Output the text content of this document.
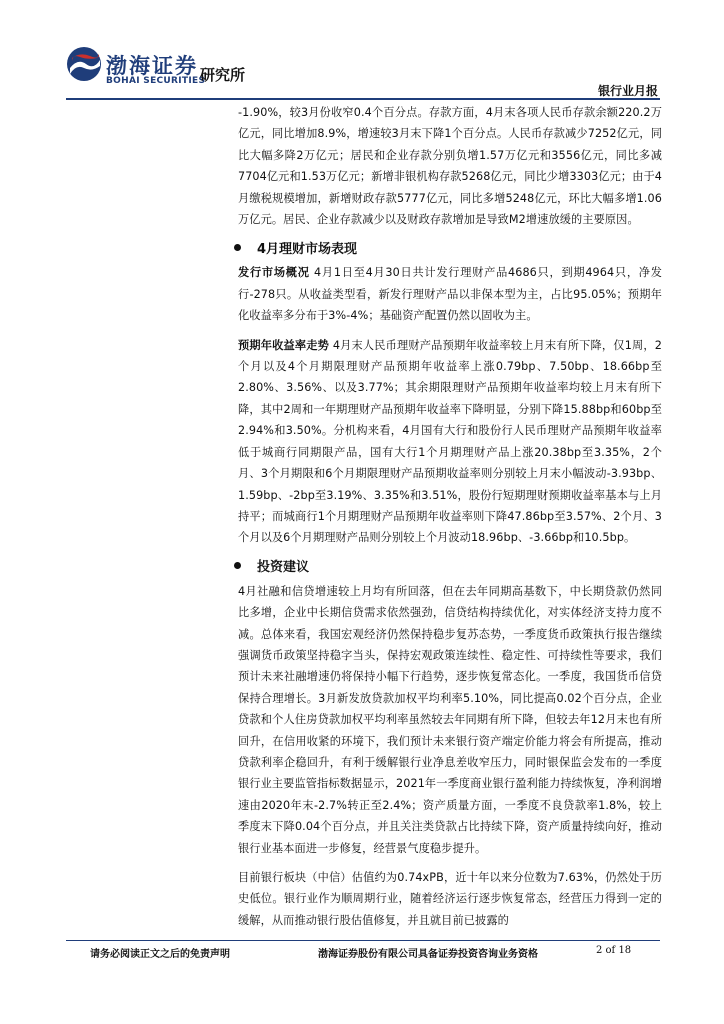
渤海证券
BOHAI SECURITIES
研究所
银行业月报

-1.90%，较3月份收窄0.4个百分点。存款方面，4月末各项人民币存款余额220.2万亿元，同比增加8.9%，增速较3月末下降1个百分点。人民币存款减少7252亿元，同比大幅多降2万亿元；居民和企业存款分别负增1.57万亿元和3556亿元，同比多减7704亿元和1.53万亿元；新增非银机构存款5268亿元，同比少增3303亿元；由于4月缴税规模增加，新增财政存款5777亿元，同比多增5248亿元，环比大幅多增1.06万亿元。居民、企业存款减少以及财政存款增加是导致M2增速放缓的主要原因。

4月理财市场表现

发行市场概况 4月1日至4月30日共计发行理财产品4686只，到期4964只，净发行-278只。从收益类型看，新发行理财产品以非保本型为主，占比95.05%；预期年化收益率多分布于3%-4%；基础资产配置仍然以固收为主。

预期年收益率走势 4月末人民币理财产品预期年收益率较上月末有所下降，仅1周，2个月以及4个月期限理财产品预期年收益率上涨0.79bp、7.50bp、18.66bp至2.80%、3.56%、以及3.77%；其余期限理财产品预期年收益率均较上月末有所下降，其中2周和一年期理财产品预期年收益率下降明显，分别下降15.88bp和60bp至2.94%和3.50%。分机构来看，4月国有大行和股份行人民币理财产品预期年收益率低于城商行同期限产品，国有大行1个月期理财产品上涨20.38bp至3.35%，2个月、3个月期限和6个月期限理财产品预期收益率则分别较上月末小幅波动-3.93bp、1.59bp、-2bp至3.19%、3.35%和3.51%，股份行短期理财预期收益率基本与上月持平；而城商行1个月期理财产品预期年收益率则下降47.86bp至3.57%、2个月、3个月以及6个月期理财产品则分别较上个月波动18.96bp、-3.66bp和10.5bp。

投资建议

4月社融和信贷增速较上月均有所回落，但在去年同期高基数下，中长期贷款仍然同比多增，企业中长期信贷需求依然强劲，信贷结构持续优化，对实体经济支持力度不减。总体来看，我国宏观经济仍然保持稳步复苏态势，一季度货币政策执行报告继续强调货币政策坚持稳字当头，保持宏观政策连续性、稳定性、可持续性等要求，我们预计未来社融增速仍将保持小幅下行趋势，逐步恢复常态化。一季度，我国货币信贷保持合理增长。3月新发放贷款加权平均利率5.10%，同比提高0.02个百分点，企业贷款和个人住房贷款加权平均利率虽然较去年同期有所下降，但较去年12月末也有所回升，在信用收紧的环境下，我们预计未来银行资产端定价能力将会有所提高，推动贷款利率企稳回升，有利于缓解银行业净息差收窄压力，同时银保监会发布的一季度银行业主要监管指标数据显示，2021年一季度商业银行盈利能力持续恢复，净利润增速由2020年末-2.7%转正至2.4%；资产质量方面，一季度不良贷款率1.8%，较上季度末下降0.04个百分点，并且关注类贷款占比持续下降，资产质量持续向好，推动银行业基本面进一步修复，经营景气度稳步提升。

目前银行板块（中信）估值约为0.74xPB，近十年以来分位数为7.63%，仍然处于历史低位。银行业作为顺周期行业，随着经济运行逐步恢复常态，经营压力得到一定的缓解，从而推动银行股估值修复，并且就目前已披露的

请务必阅读正文之后的免责声明	渤海证券股份有限公司具备证券投资咨询业务资格	2 of 18
